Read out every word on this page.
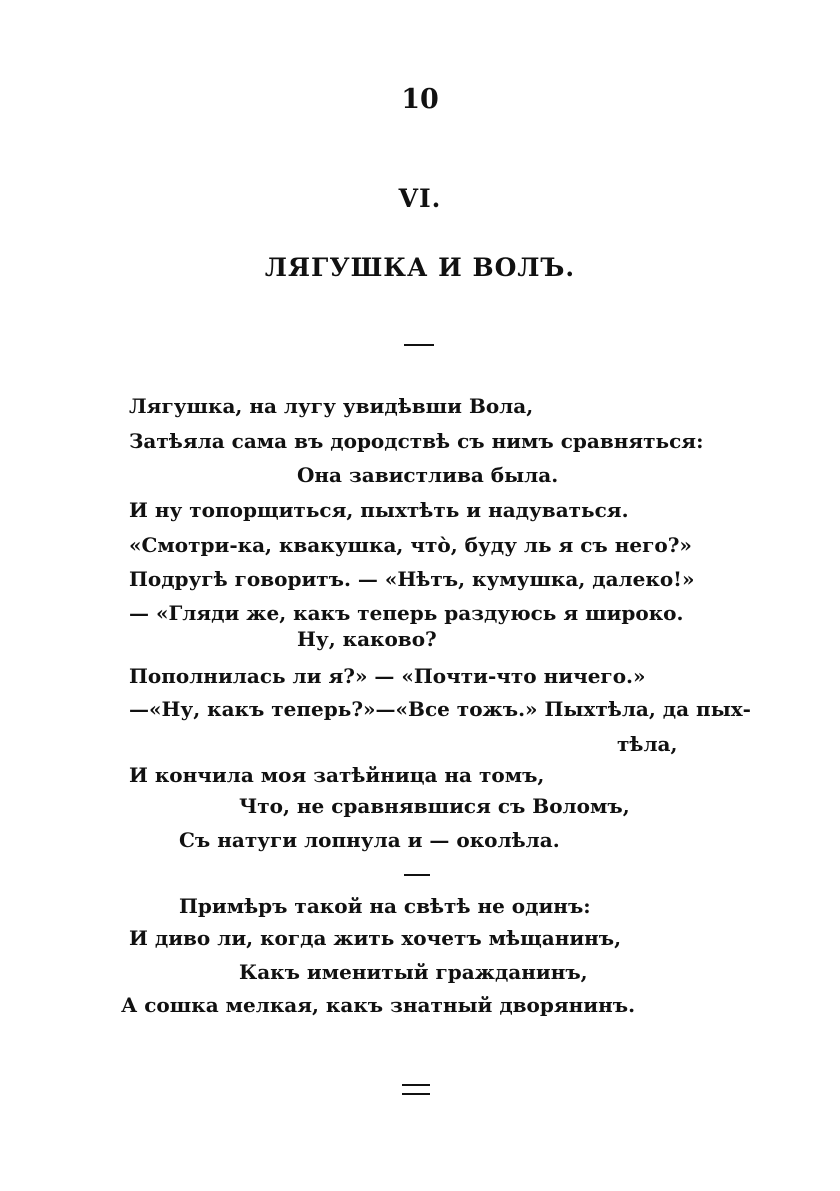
10
VI.
ЛЯГУШКА И ВОЛЪ.
Лягушка, на лугу увидѣвши Вола,
Затѣяла сама въ дородствѣ съ нимъ сравняться:
Она завистлива была.
И ну топорщиться, пыхтѣть и надуваться.
«Смотри-ка, квакушка, что̀, буду ль я съ него?»
Подругѣ говоритъ. — «Нѣтъ, кумушка, далеко!»
— «Гляди же, какъ теперь раздуюсь я широко.
Ну, каково?
Пополнилась ли я?» — «Почти-что ничего.»
—«Ну, какъ теперь?»—«Все тожъ.» Пыхтѣла, да пых-
тѣла,
И кончила моя затѣйница на томъ,
Что, не сравнявшися съ Воломъ,
Съ натуги лопнула и — околѣла.
Примѣръ такой на свѣтѣ не одинъ:
И диво ли, когда жить хочетъ мѣщанинъ,
Какъ именитый гражданинъ,
А сошка мелкая, какъ знатный дворянинъ.
